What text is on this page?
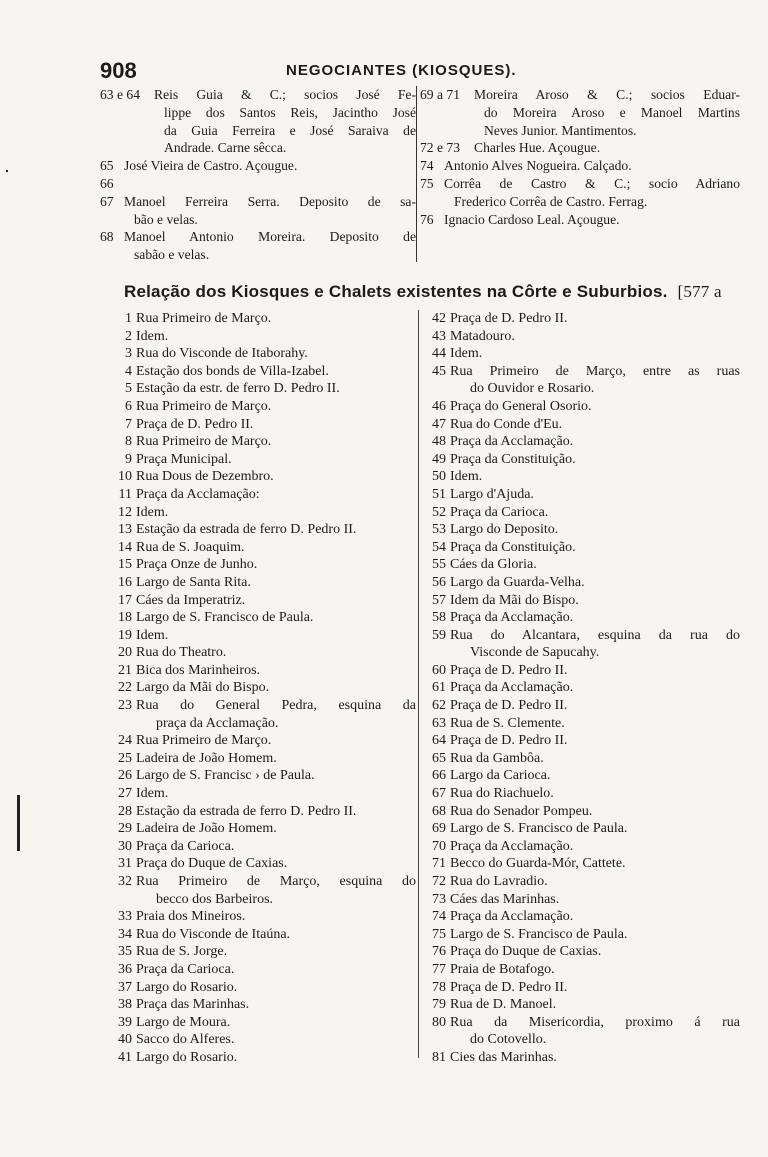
908	NEGOCIANTES (KIOSQUES).
63 e 64 Reis Guia & C.; socios José Fe-
lippe dos Santos Reis, Jacintho José
da Guia Ferreira e José Saraiva de
Andrade. Carne sêcca.
65 José Vieira de Castro. Açougue.
66

67 Manoel Ferreira Serra. Deposito de sa-
bão e velas.
68 Manoel Antonio Moreira. Deposito de
sabão e velas.
69 a 71 Moreira Aroso & C.; socios Eduar-
do Moreira Aroso e Manoel Martins
Neves Junior. Mantimentos.
72 e 73 Charles Hue. Açougue.
74 Antonio Alves Nogueira. Calçado.
75 Corrêa de Castro & C.; socio Adriano
Frederico Corrêa de Castro. Ferrag.
76 Ignacio Cardoso Leal. Açougue.
Relação dos Kiosques e Chalets existentes na Côrte e Suburbios. [577 a
1 Rua Primeiro de Março.
2 Idem.
3 Rua do Visconde de Itaborahy.
4 Estação dos bonds de Villa-Izabel.
5 Estação da estr. de ferro D. Pedro II.
6 Rua Primeiro de Março.
7 Praça de D. Pedro II.
8 Rua Primeiro de Março.
9 Praça Municipal.
10 Rua Dous de Dezembro.
11 Praça da Acclamação:
12 Idem.
13 Estação da estrada de ferro D. Pedro II.
14 Rua de S. Joaquim.
15 Praça Onze de Junho.
16 Largo de Santa Rita.
17 Cáes da Imperatriz.
18 Largo de S. Francisco de Paula.
19 Idem.
20 Rua do Theatro.
21 Bica dos Marinheiros.
22 Largo da Mãi do Bispo.
23 Rua do General Pedra, esquina da
praça da Acclamação.
24 Rua Primeiro de Março.
25 Ladeira de João Homem.
26 Largo de S. Francisc › de Paula.
27 Idem.
28 Estação da estrada de ferro D. Pedro II.
29 Ladeira de João Homem.
30 Praça da Carioca.
31 Praça do Duque de Caxias.
32 Rua Primeiro de Março, esquina do
becco dos Barbeiros.
33 Praia dos Mineiros.
34 Rua do Visconde de Itaúna.
35 Rua de S. Jorge.
36 Praça da Carioca.
37 Largo do Rosario.
38 Praça das Marinhas.
39 Largo de Moura.
40 Sacco do Alferes.
41 Largo do Rosario.
42 Praça de D. Pedro II.
43 Matadouro.
44 Idem.
45 Rua Primeiro de Março, entre as ruas
do Ouvidor e Rosario.
46 Praça do General Osorio.
47 Rua do Conde d'Eu.
48 Praça da Acclamação.
49 Praça da Constituição.
50 Idem.
51 Largo d'Ajuda.
52 Praça da Carioca.
53 Largo do Deposito.
54 Praça da Constituição.
55 Cáes da Gloria.
56 Largo da Guarda-Velha.
57 Idem da Mãi do Bispo.
58 Praça da Acclamação.
59 Rua do Alcantara, esquina da rua do
Visconde de Sapucahy.
60 Praça de D. Pedro II.
61 Praça da Acclamação.
62 Praça de D. Pedro II.
63 Rua de S. Clemente.
64 Praça de D. Pedro II.
65 Rua da Gambôa.
66 Largo da Carioca.
67 Rua do Riachuelo.
68 Rua do Senador Pompeu.
69 Largo de S. Francisco de Paula.
70 Praça da Acclamação.
71 Becco do Guarda-Mór, Cattete.
72 Rua do Lavradio.
73 Cáes das Marinhas.
74 Praça da Acclamação.
75 Largo de S. Francisco de Paula.
76 Praça do Duque de Caxias.
77 Praia de Botafogo.
78 Praça de D. Pedro II.
79 Rua de D. Manoel.
80 Rua da Misericordia, proximo á rua
do Cotovello.
81 Cies das Marinhas.
